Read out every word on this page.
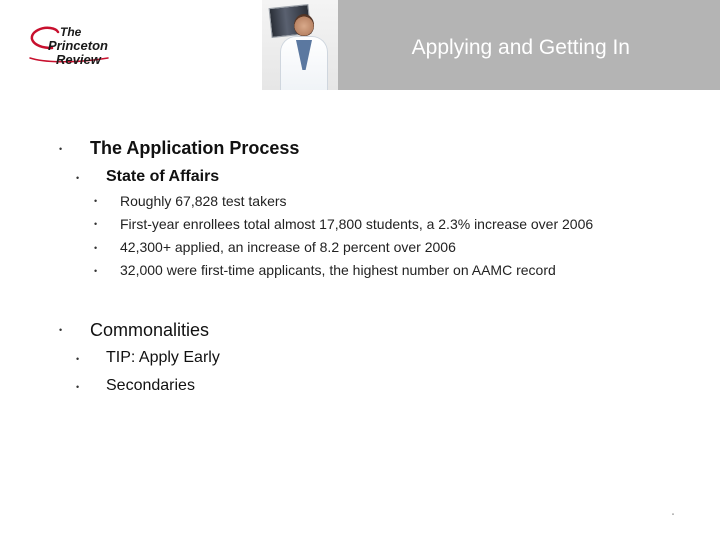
The
Princeton
Review
Applying and Getting In
• The Application Process
• State of Affairs
• Roughly 67,828 test takers
• First-year enrollees total almost 17,800 students, a 2.3% increase over 2006
• 42,300+ applied, an increase of 8.2 percent over 2006
• 32,000 were first-time applicants, the highest number on AAMC record
• Commonalities
• TIP: Apply Early
• Secondaries
"
